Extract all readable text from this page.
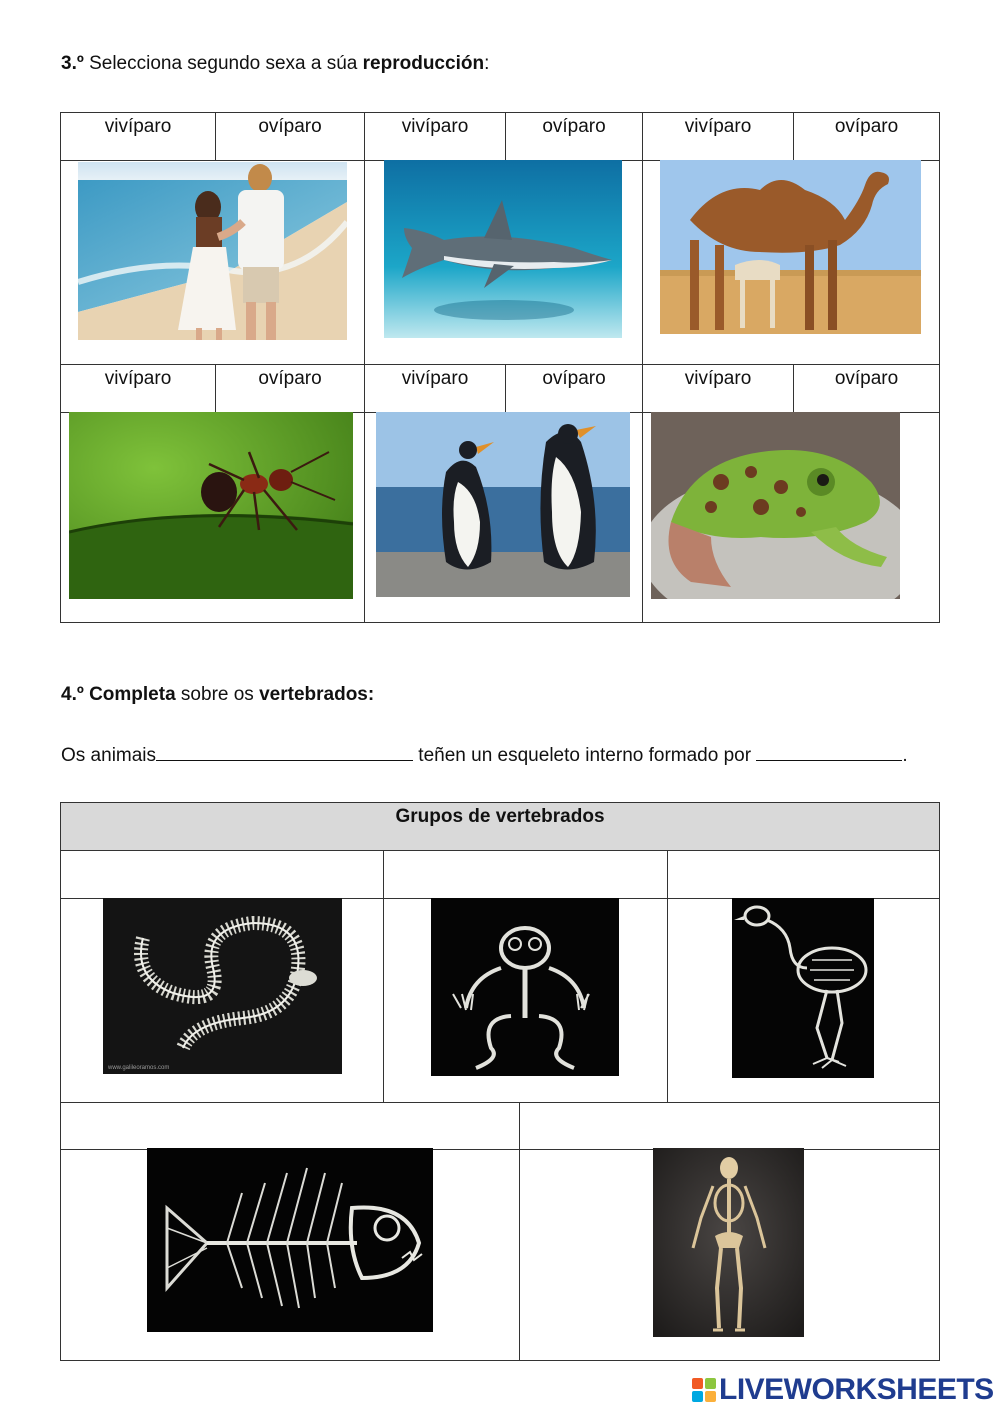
3.º Selecciona segundo sexa a súa reproducción:
vivíparo	ovíparo	vivíparo	ovíparo	vivíparo	ovíparo
vivíparo	ovíparo	vivíparo	ovíparo	vivíparo	ovíparo
4.º Completa sobre os vertebrados:
Os animais	teñen un esqueleto interno formado por	.
Grupos de vertebrados
www.galileoramos.com
LIVEWORKSHEETS
